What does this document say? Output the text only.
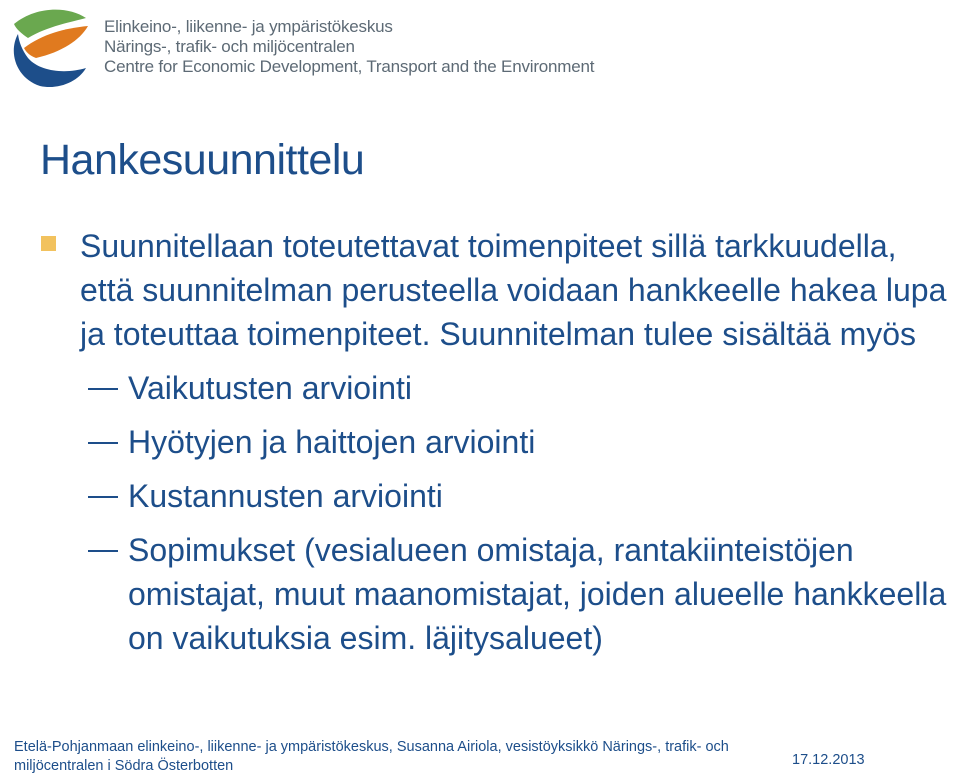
Elinkeino-, liikenne- ja ympäristökeskus
Närings-, trafik- och miljöcentralen
Centre for Economic Development, Transport and the Environment
Hankesuunnittelu
Suunnitellaan toteutettavat toimenpiteet sillä tarkkuudella, että suunnitelman perusteella voidaan hankkeelle hakea lupa ja toteuttaa toimenpiteet. Suunnitelman tulee sisältää myös
Vaikutusten arviointi
Hyötyjen ja haittojen arviointi
Kustannusten arviointi
Sopimukset (vesialueen omistaja, rantakiinteistöjen omistajat, muut maanomistajat, joiden alueelle hankkeella on vaikutuksia esim. läjitysalueet)
Etelä-Pohjanmaan elinkeino-, liikenne- ja ympäristökeskus, Susanna Airiola, vesistöyksikkö Närings-, trafik- och miljöcentralen i Södra Österbotten	17.12.2013
